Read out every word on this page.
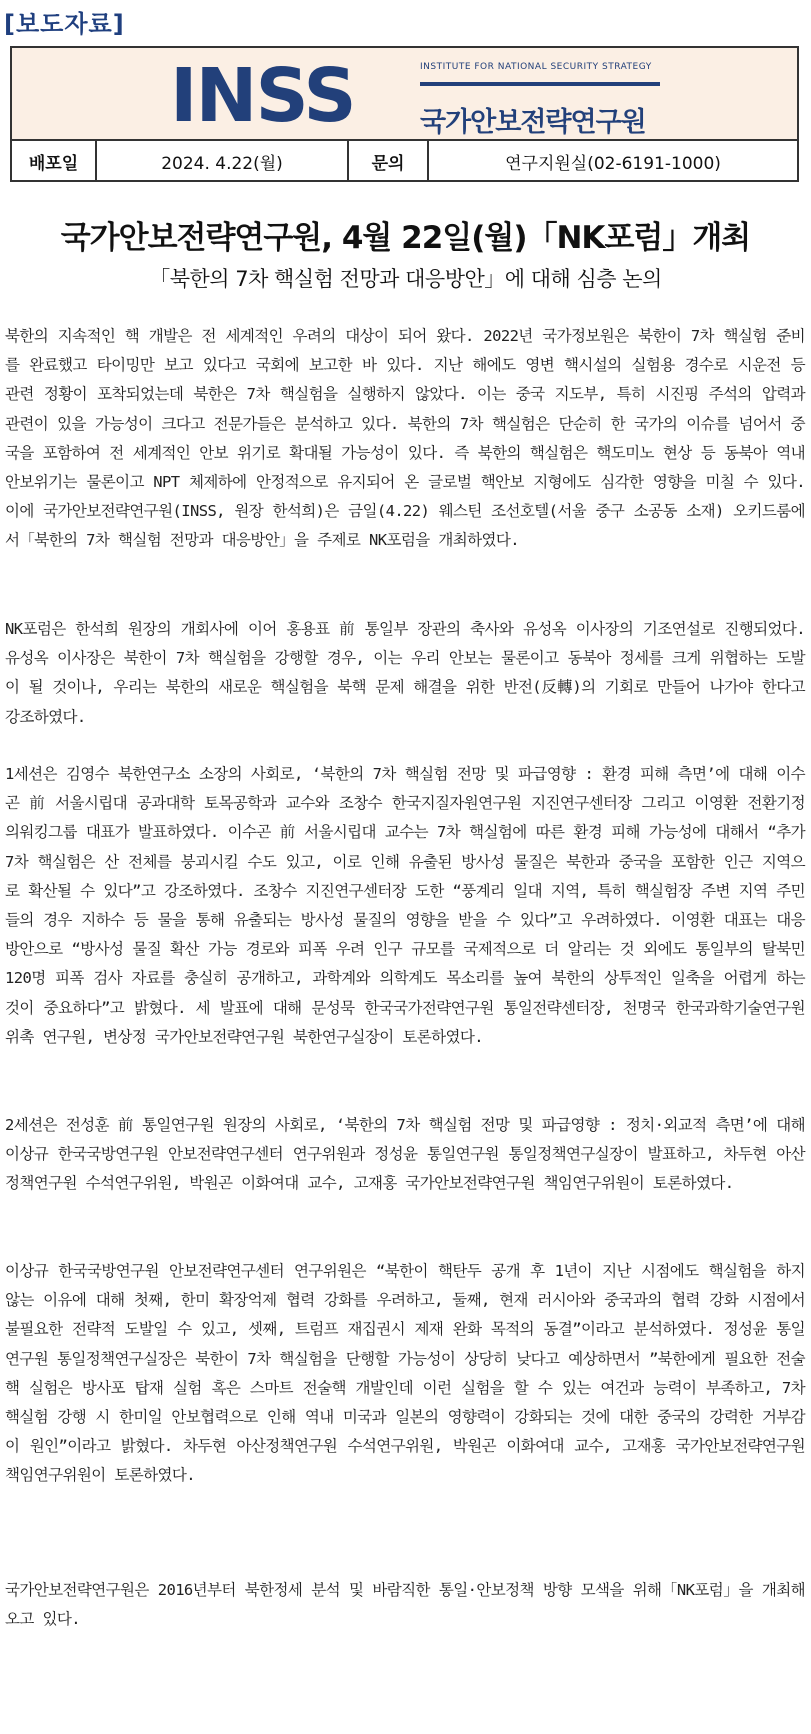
[보도자료]
INSS	INSTITUTE FOR NATIONAL SECURITY STRATEGY
국가안보전략연구원
배포일	2024. 4.22(월)	문의	연구지원실(02-6191-1000)
국가안보전략연구원, 4월 22일(월)「NK포럼」개최
「북한의 7차 핵실험 전망과 대응방안」에 대해 심층 논의

북한의 지속적인 핵 개발은 전 세계적인 우려의 대상이 되어 왔다. 2022년 국가정보원은 북한이 7차 핵실험 준비를 완료했고 타이밍만 보고 있다고 국회에 보고한 바 있다. 지난 해에도 영변 핵시설의 실험용 경수로 시운전 등 관련 정황이 포착되었는데 북한은 7차 핵실험을 실행하지 않았다. 이는 중국 지도부, 특히 시진핑 주석의 압력과 관련이 있을 가능성이 크다고 전문가들은 분석하고 있다. 북한의 7차 핵실험은 단순히 한 국가의 이슈를 넘어서 중국을 포함하여 전 세계적인 안보 위기로 확대될 가능성이 있다. 즉 북한의 핵실험은 핵도미노 현상 등 동북아 역내 안보위기는 물론이고 NPT 체제하에 안정적으로 유지되어 온 글로벌 핵안보 지형에도 심각한 영향을 미칠 수 있다. 이에 국가안보전략연구원(INSS, 원장 한석희)은 금일(4.22) 웨스틴 조선호텔(서울 중구 소공동 소재) 오키드룸에서「북한의 7차 핵실험 전망과 대응방안」을 주제로 NK포럼을 개최하였다.

NK포럼은 한석희 원장의 개회사에 이어 홍용표 前 통일부 장관의 축사와 유성옥 이사장의 기조연설로 진행되었다. 유성옥 이사장은 북한이 7차 핵실험을 강행할 경우, 이는 우리 안보는 물론이고 동북아 정세를 크게 위협하는 도발이 될 것이나, 우리는 북한의 새로운 핵실험을 북핵 문제 해결을 위한 반전(反轉)의 기회로 만들어 나가야 한다고 강조하였다.

1세션은 김영수 북한연구소 소장의 사회로, ‘북한의 7차 핵실험 전망 및 파급영향 : 환경 피해 측면’에 대해 이수곤 前 서울시립대 공과대학 토목공학과 교수와 조창수 한국지질자원연구원 지진연구센터장 그리고 이영환 전환기정의워킹그룹 대표가 발표하였다. 이수곤 前 서울시립대 교수는 7차 핵실험에 따른 환경 피해 가능성에 대해서 “추가 7차 핵실험은 산 전체를 붕괴시킬 수도 있고, 이로 인해 유출된 방사성 물질은 북한과 중국을 포함한 인근 지역으로 확산될 수 있다”고 강조하였다. 조창수 지진연구센터장 도한 “풍계리 일대 지역, 특히 핵실험장 주변 지역 주민들의 경우 지하수 등 물을 통해 유출되는 방사성 물질의 영향을 받을 수 있다”고 우려하였다. 이영환 대표는 대응 방안으로 “방사성 물질 확산 가능 경로와 피폭 우려 인구 규모를 국제적으로 더 알리는 것 외에도 통일부의 탈북민 120명 피폭 검사 자료를 충실히 공개하고, 과학계와 의학계도 목소리를 높여 북한의 상투적인 일축을 어렵게 하는 것이 중요하다”고 밝혔다. 세 발표에 대해 문성묵 한국국가전략연구원 통일전략센터장, 천명국 한국과학기술연구원 위촉 연구원, 변상정 국가안보전략연구원 북한연구실장이 토론하였다.

2세션은 전성훈 前 통일연구원 원장의 사회로, ‘북한의 7차 핵실험 전망 및 파급영향 : 정치·외교적 측면’에 대해 이상규 한국국방연구원 안보전략연구센터 연구위원과 정성윤 통일연구원 통일정책연구실장이 발표하고, 차두현 아산정책연구원 수석연구위원, 박원곤 이화여대 교수, 고재홍 국가안보전략연구원 책임연구위원이 토론하였다.

이상규 한국국방연구원 안보전략연구센터 연구위원은 “북한이 핵탄두 공개 후 1년이 지난 시점에도 핵실험을 하지 않는 이유에 대해 첫째, 한미 확장억제 협력 강화를 우려하고, 둘째, 현재 러시아와 중국과의 협력 강화 시점에서 불필요한 전략적 도발일 수 있고, 셋째, 트럼프 재집권시 제재 완화 목적의 동결”이라고 분석하였다. 정성윤 통일연구원 통일정책연구실장은 북한이 7차 핵실험을 단행할 가능성이 상당히 낮다고 예상하면서 ”북한에게 필요한 전술핵 실험은 방사포 탑재 실험 혹은 스마트 전술핵 개발인데 이런 실험을 할 수 있는 여건과 능력이 부족하고, 7차 핵실험 강행 시 한미일 안보협력으로 인해 역내 미국과 일본의 영향력이 강화되는 것에 대한 중국의 강력한 거부감이 원인”이라고 밝혔다. 차두현 아산정책연구원 수석연구위원, 박원곤 이화여대 교수, 고재홍 국가안보전략연구원 책임연구위원이 토론하였다.

국가안보전략연구원은 2016년부터 북한정세 분석 및 바람직한 통일·안보정책 방향 모색을 위해「NK포럼」을 개최해오고 있다.
